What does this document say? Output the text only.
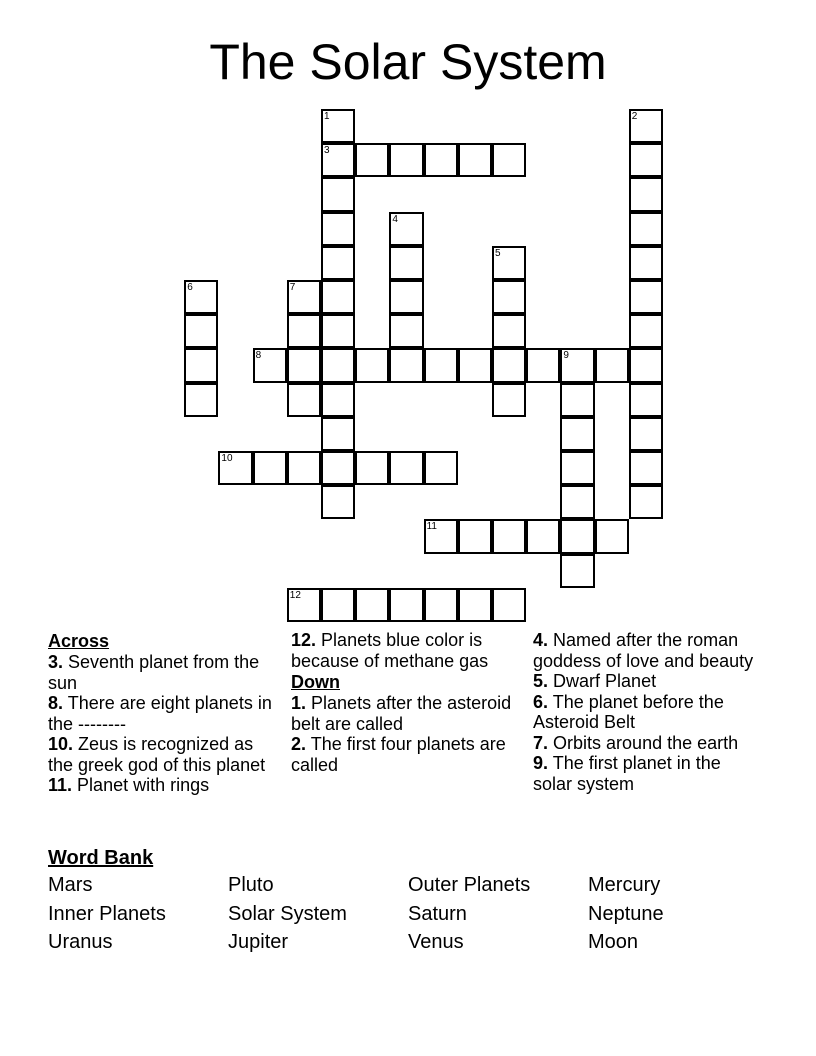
The Solar System
1
3
2
4
5
6	7
8	9
10
11
12
Across
3. Seventh planet from the sun
8. There are eight planets in the --------
10. Zeus is recognized as the greek god of this planet
11. Planet with rings
12. Planets blue color is because of methane gas
Down
1. Planets after the asteroid belt are called
2. The first four planets are called
4. Named after the roman goddess of love and beauty
5. Dwarf Planet
6. The planet before the Asteroid Belt
7. Orbits around the earth
9. The first planet in the solar system
Word Bank
Mars	Pluto	Outer Planets	Mercury
Inner Planets	Solar System	Saturn	Neptune
Uranus	Jupiter	Venus	Moon
